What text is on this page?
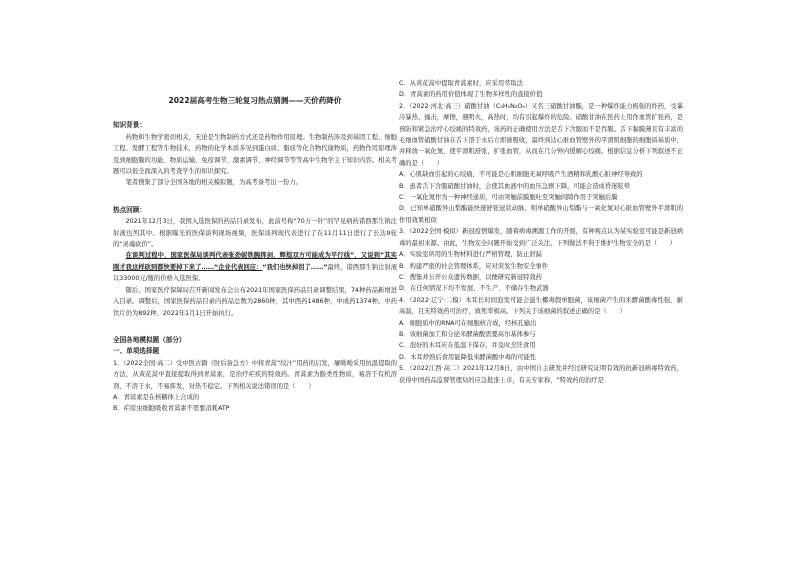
2022届高考生物三轮复习热点猜测——天价药降价
知识背景：

药物和生物学密切相关，无论是生物制药方式还是药物作用原理。生物制药涉及到基因工程、细胞工程、发酵工程等生物技术，药物的化学本质多见到蛋白质、脂质等化合物代谢物质，药物作用原理涉及到细胞膜的功能、物质运输、免疫调节、激素调节、神经调节等等高中生物学主干知识内容。相关考题可以很全面深入的考查学生的知识探究。

笔者搜集了部分全国各地的相关模拟题，为高考备考出一份力。

热点回顾：

2021年12月3日，我国入选医保的药品目录发布，此前号称“70万一针”的罕见病药诺西那生钠注射液也列其中。根据曝光的医保谈判现场视频，医保谈判现代表进行了在11月11日进行了长达9轮的“灵魂砍价”。

在谈判过程中，国家医保局谈判代表张劲妮铁腕挥剑，辉煌双方可能成为平行线”，又说到”其实刚才我这样砍到都快要掉下来了……“企业代表回应：“我们也快掉泪了……”最终，诺西那生钠注射液以33000元/瓶的价格入选医保。

随后，国家医疗保障局召开新闻发布会公布2021年国家医保药品目录调整结果，74种药品新增进入目录。调整后，国家医保药品目录内药品总数为2860种，其中西药1486种，中成药1374种。中药饮片仍为892种。2022年1月1日开始执行。

全国各地模拟题（部分）
一、单项选择题

1．（2022全国·高二）受中医古籍《肘后备急方》中将青蒿“绞汁”用药的启发，屠呦呦采用抗温提取的方法，从黄花蒿中直接提取得到青蒿素，是治疗疟疾的特效药。青蒿素为脂类性物质，易溶于有机溶剂，不溶于水，不易挥发，对热不稳定。下列相关说法错误的是（　　）

A．青蒿素是在核糖体上合成的

B．疟原虫细胞吸收青蒿素不需要消耗ATP

C．从黄花蒿中提取青蒿素时，应采用萃取法

D．青蒿素的药用价值体现了生物多样性的直接价值

2．（2022·河北·高三）硝酸甘油（C₃H₅N₃O₉）又名三硝酸甘油酯，是一种爆炸能力极强的炸药，受暴冷暴热、撞击，摩擦，遇明火，高热时，均有引起爆炸的危险。硝酸甘油在医药上用作血管扩张药，是预防和紧急治疗心绞痛的特效药，该药的正确使用方法是舌下含服而不是吞服。舌下黏膜薄且有丰富的毛细血管硝酸甘油在舌下溶于水后立即被吸收，最终到达心脏血管壁外的平滑肌细胞的细胞质基质中，并释放一氧化氮，使平滑肌舒张，扩张血管，从而在几分钟内缓解心绞痛。根据信息分析下列叙述不正确的是（　　）

A．心肌缺血引起的心绞痛，不可能是心肌细胞无氧呼吸产生酒精和乳酸心脏神经导致的

B．患者舌下含服硝酸甘油时，会使其血液中的血压急剧下降，可能会造成昏迷眩晕

C．一氧化氮作为一种神经递质，可由突触前膜胞吐至突触间隙作用于突触后膜

D．已知单硝酸异山梨酯能快速舒张冠状动脉，则单硝酸异山梨酯与一氧化氮对心脏血管壁外平滑肌的作用效果相似

3．（2022全国·模拟）新冠疫情爆发，随着病毒溯源工作的开展，有种观点认为某实验室可能是新冠病毒的最初来源。由此，生物安全问题开始受到广泛关注。下列做法不利于维护生物安全的是（　　）

A．实验室所用的生物材料进行严格管理，防止泄漏

B．构建严密的社会管理体系，应对突发生物安全事件

C．搜集并公开公众遗传数据，以便研究新冠特效药

D．在任何情况下均不发展、不生产、不储存生物武器

4．（2022·辽宁·二模）木耳长时间泡发可能会滋生椰毒假单胞菌，该细菌产生的米酵菌酸毒性强、耐高温，且无特效药可治疗，致死率极高。下列关于该细菌的叙述正确的是（　　）

A．细胞质中的RNA可在细胞核合成，经核孔输出

B．该细菌加工和分泌米酵菌酸需要高尔基体参与

C．泡好的木耳应在低温下保存，并及时烹饪食用

D．木耳炒熟后食用能降低米酵菌酸中毒的可能性

5．（2022江西·高二）2021年12月8日，由中国自主研发并经过研究证明有效的抗新冠病毒特效药，获得中国药品监督管理局的应急批准上市，有关专家称，“特效药的治疗是
